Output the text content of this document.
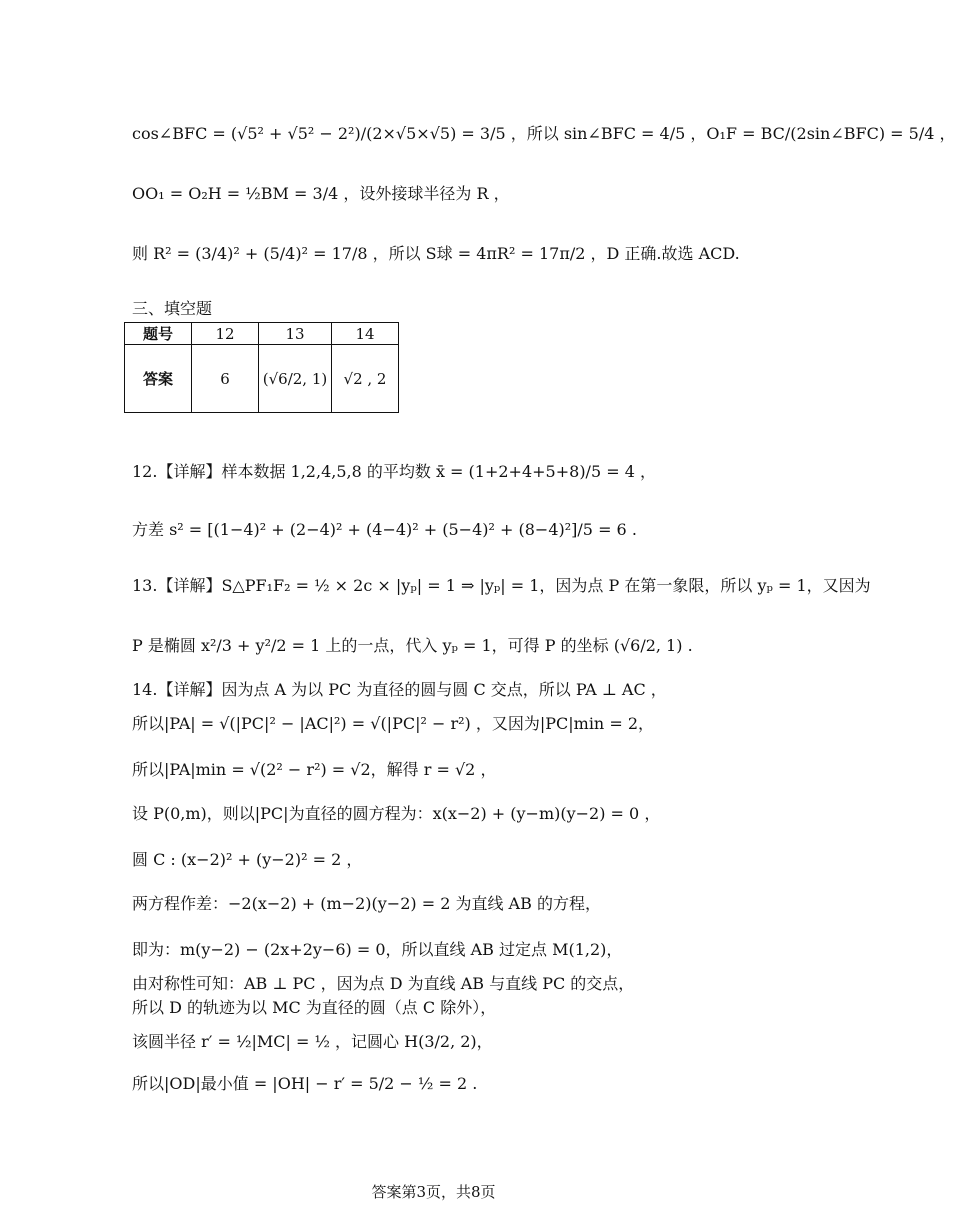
cos∠BFC = (√5² + √5² − 2²)/(2×√5×√5) = 3/5 ，所以 sin∠BFC = 4/5 ，O₁F = BC/(2sin∠BFC) = 5/4 ，
OO₁ = O₂H = ½BM = 3/4 ，设外接球半径为 R ，
则 R² = (3/4)² + (5/4)² = 17/8 ，所以 S球 = 4πR² = 17π/2 ，D 正确.故选 ACD.
三、填空题
题号	12	13	14
答案	6	(√6/2, 1)	√2 , 2
12.【详解】样本数据 1,2,4,5,8 的平均数 x̄ = (1+2+4+5+8)/5 = 4 ，
方差 s² = [(1−4)² + (2−4)² + (4−4)² + (5−4)² + (8−4)²]/5 = 6 .
13.【详解】S△PF₁F₂ = ½ × 2c × |yₚ| = 1 ⇒ |yₚ| = 1，因为点 P 在第一象限，所以 yₚ = 1，又因为
P 是椭圆 x²/3 + y²/2 = 1 上的一点，代入 yₚ = 1，可得 P 的坐标 (√6/2, 1) .
14.【详解】因为点 A 为以 PC 为直径的圆与圆 C 交点，所以 PA ⊥ AC ，
所以|PA| = √(|PC|² − |AC|²) = √(|PC|² − r²) ，又因为|PC|min = 2，
所以|PA|min = √(2² − r²) = √2，解得 r = √2 ，
设 P(0,m)，则以|PC|为直径的圆方程为：x(x−2) + (y−m)(y−2) = 0 ，
圆 C : (x−2)² + (y−2)² = 2 ，
两方程作差：−2(x−2) + (m−2)(y−2) = 2 为直线 AB 的方程，
即为：m(y−2) − (2x+2y−6) = 0，所以直线 AB 过定点 M(1,2)，
由对称性可知：AB ⊥ PC ，因为点 D 为直线 AB 与直线 PC 的交点，
所以 D 的轨迹为以 MC 为直径的圆（点 C 除外），
该圆半径 r′ = ½|MC| = ½ ，记圆心 H(3/2, 2)，
所以|OD|最小值 = |OH| − r′ = 5/2 − ½ = 2 .
答案第3页，共8页
